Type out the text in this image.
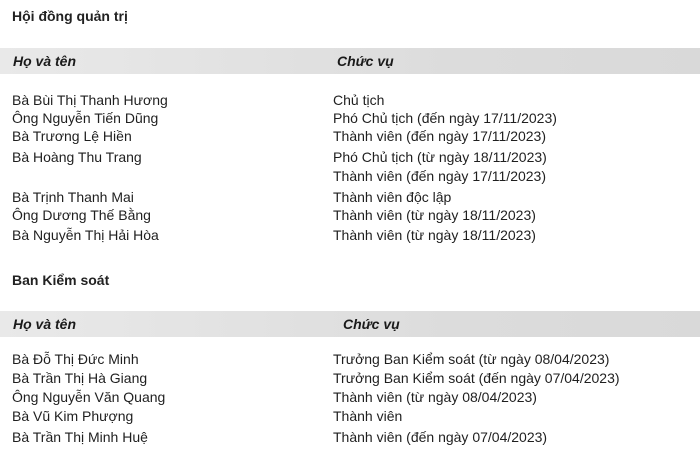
Hội đồng quản trị
Họ và tên	Chức vụ
Bà Bùi Thị Thanh Hương	Chủ tịch
Ông Nguyễn Tiến Dũng	Phó Chủ tịch (đến ngày 17/11/2023)
Bà Trương Lệ Hiền	Thành viên (đến ngày 17/11/2023)
Bà Hoàng Thu Trang	Phó Chủ tịch (từ ngày 18/11/2023)
Thành viên (đến ngày 17/11/2023)
Bà Trịnh Thanh Mai	Thành viên độc lập
Ông Dương Thế Bằng	Thành viên (từ ngày 18/11/2023)
Bà Nguyễn Thị Hải Hòa	Thành viên (từ ngày 18/11/2023)
Ban Kiểm soát
Họ và tên	Chức vụ
Bà Đỗ Thị Đức Minh	Trưởng Ban Kiểm soát (từ ngày 08/04/2023)
Bà Trần Thị Hà Giang	Trưởng Ban Kiểm soát (đến ngày 07/04/2023)
Ông Nguyễn Văn Quang	Thành viên (từ ngày 08/04/2023)
Bà Vũ Kim Phượng	Thành viên
Bà Trần Thị Minh Huệ	Thành viên (đến ngày 07/04/2023)
